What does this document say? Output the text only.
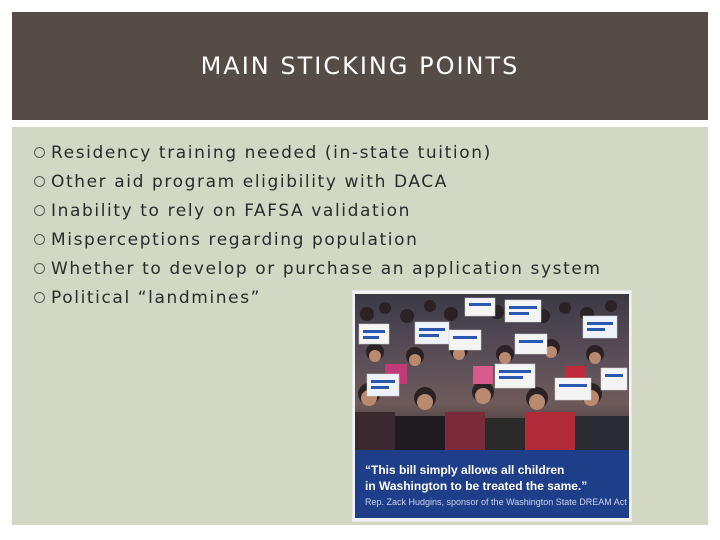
MAIN STICKING POINTS
Residency training needed (in-state tuition)
Other aid program eligibility with DACA
Inability to rely on FAFSA validation
Misperceptions regarding population
Whether to develop or purchase an application system
Political “landmines”
“This bill simply allows all children
in Washington to be treated the same.”
Rep. Zack Hudgins, sponsor of the Washington State DREAM Act
